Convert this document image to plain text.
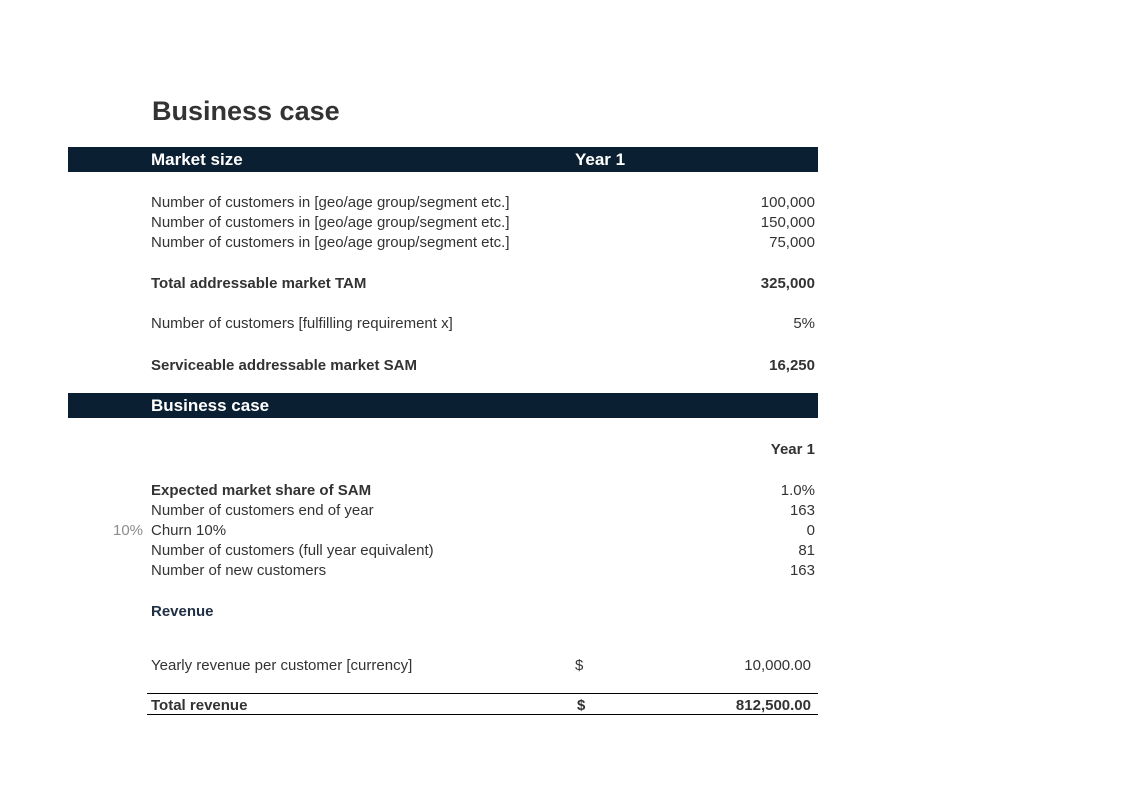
Business case
Market size	Year 1
Number of customers in [geo/age group/segment etc.]	100,000
Number of customers in [geo/age group/segment etc.]	150,000
Number of customers in [geo/age group/segment etc.]	75,000
Total addressable market TAM	325,000
Number of customers [fulfilling requirement x]	5%
Serviceable addressable market SAM	16,250
Business case
Year 1
Expected market share of SAM	1.0%
Number of customers end of year	163
10% Churn 10%	0
Number of customers (full year equivalent)	81
Number of new customers	163
Revenue
Yearly revenue per customer [currency]	$	10,000.00
Total revenue	$	812,500.00
